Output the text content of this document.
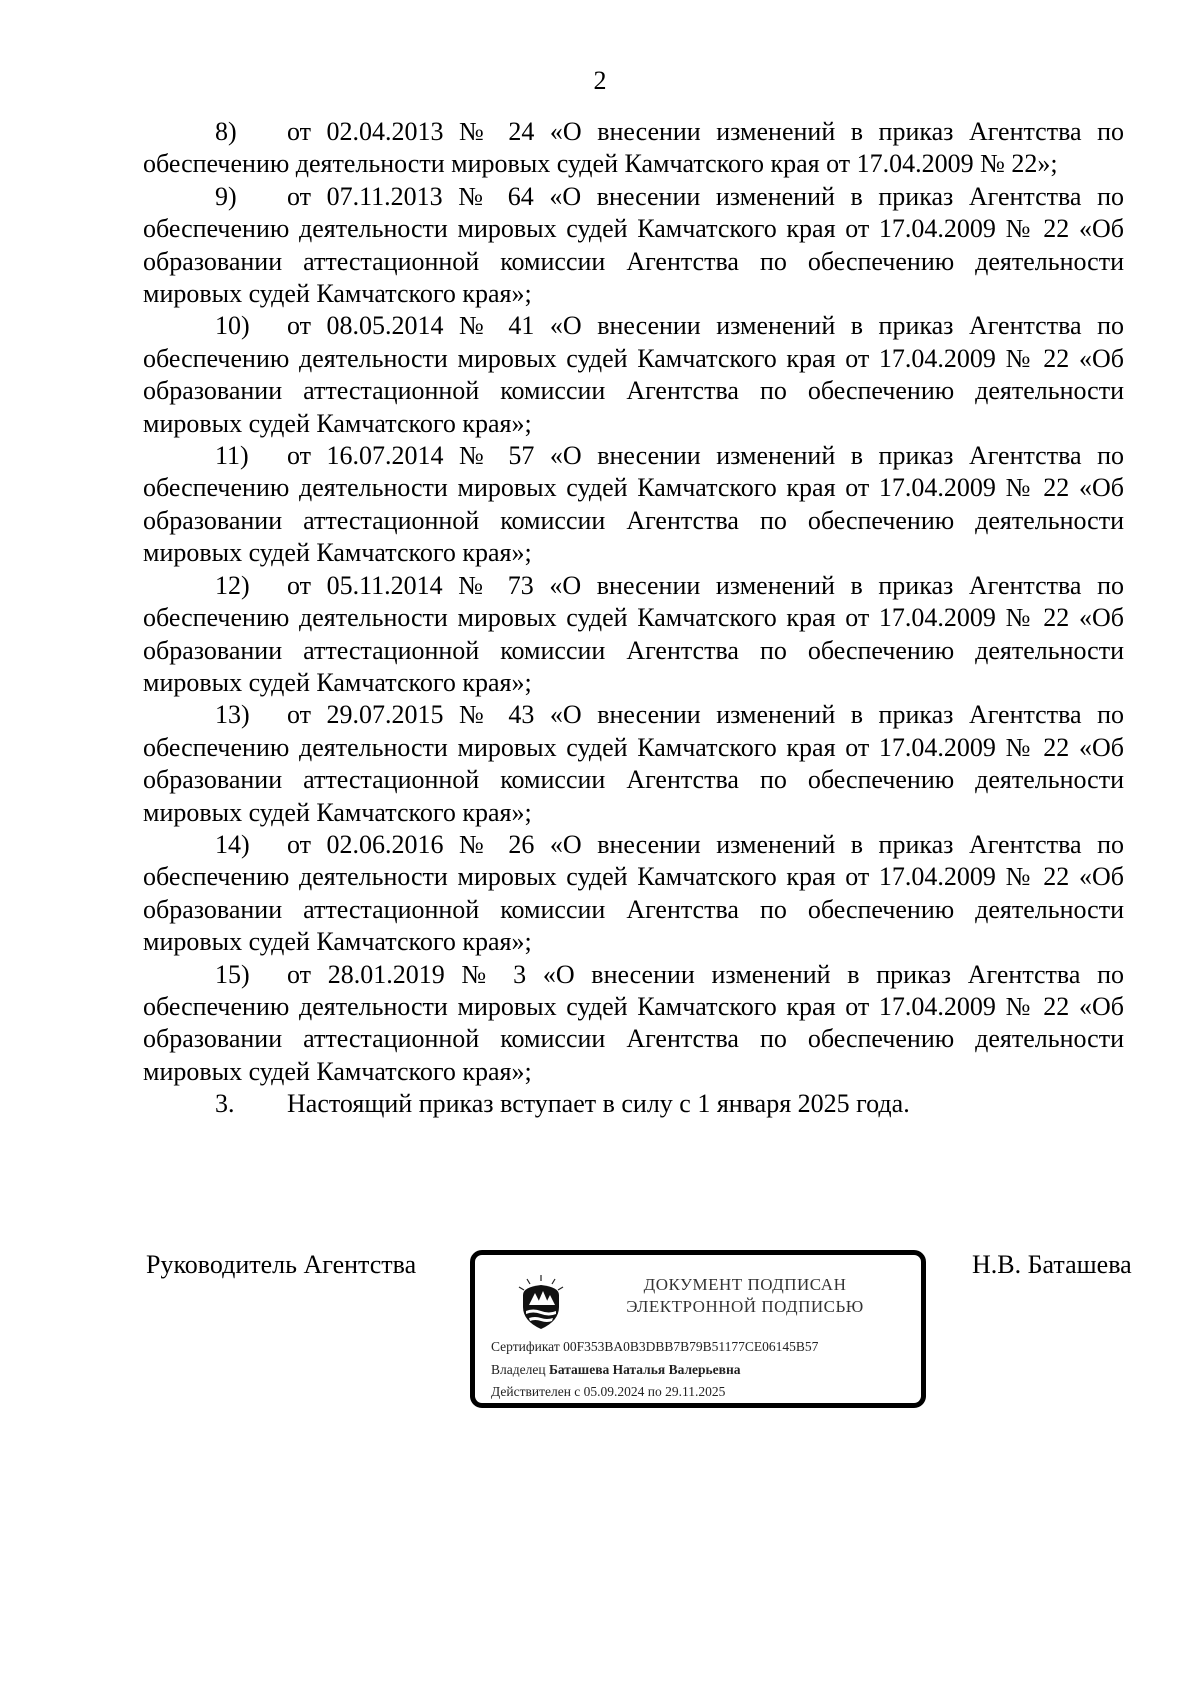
2

8) от 02.04.2013 № 24 «О внесении изменений в приказ Агентства по обеспечению деятельности мировых судей Камчатского края от 17.04.2009 № 22»;

9) от 07.11.2013 № 64 «О внесении изменений в приказ Агентства по обеспечению деятельности мировых судей Камчатского края от 17.04.2009 № 22 «Об образовании аттестационной комиссии Агентства по обеспечению деятельности мировых судей Камчатского края»;

10) от 08.05.2014 № 41 «О внесении изменений в приказ Агентства по обеспечению деятельности мировых судей Камчатского края от 17.04.2009 № 22 «Об образовании аттестационной комиссии Агентства по обеспечению деятельности мировых судей Камчатского края»;

11) от 16.07.2014 № 57 «О внесении изменений в приказ Агентства по обеспечению деятельности мировых судей Камчатского края от 17.04.2009 № 22 «Об образовании аттестационной комиссии Агентства по обеспечению деятельности мировых судей Камчатского края»;

12) от 05.11.2014 № 73 «О внесении изменений в приказ Агентства по обеспечению деятельности мировых судей Камчатского края от 17.04.2009 № 22 «Об образовании аттестационной комиссии Агентства по обеспечению деятельности мировых судей Камчатского края»;

13) от 29.07.2015 № 43 «О внесении изменений в приказ Агентства по обеспечению деятельности мировых судей Камчатского края от 17.04.2009 № 22 «Об образовании аттестационной комиссии Агентства по обеспечению деятельности мировых судей Камчатского края»;

14) от 02.06.2016 № 26 «О внесении изменений в приказ Агентства по обеспечению деятельности мировых судей Камчатского края от 17.04.2009 № 22 «Об образовании аттестационной комиссии Агентства по обеспечению деятельности мировых судей Камчатского края»;

15) от 28.01.2019 № 3 «О внесении изменений в приказ Агентства по обеспечению деятельности мировых судей Камчатского края от 17.04.2009 № 22 «Об образовании аттестационной комиссии Агентства по обеспечению деятельности мировых судей Камчатского края»;

3. Настоящий приказ вступает в силу с 1 января 2025 года.

Руководитель Агентства	Н.В. Баташева
ДОКУМЕНТ ПОДПИСАН
ЭЛЕКТРОННОЙ ПОДПИСЬЮ
Сертификат 00F353BA0B3DBB7B79B51177CE06145B57
Владелец Баташева Наталья Валерьевна
Действителен с 05.09.2024 по 29.11.2025
